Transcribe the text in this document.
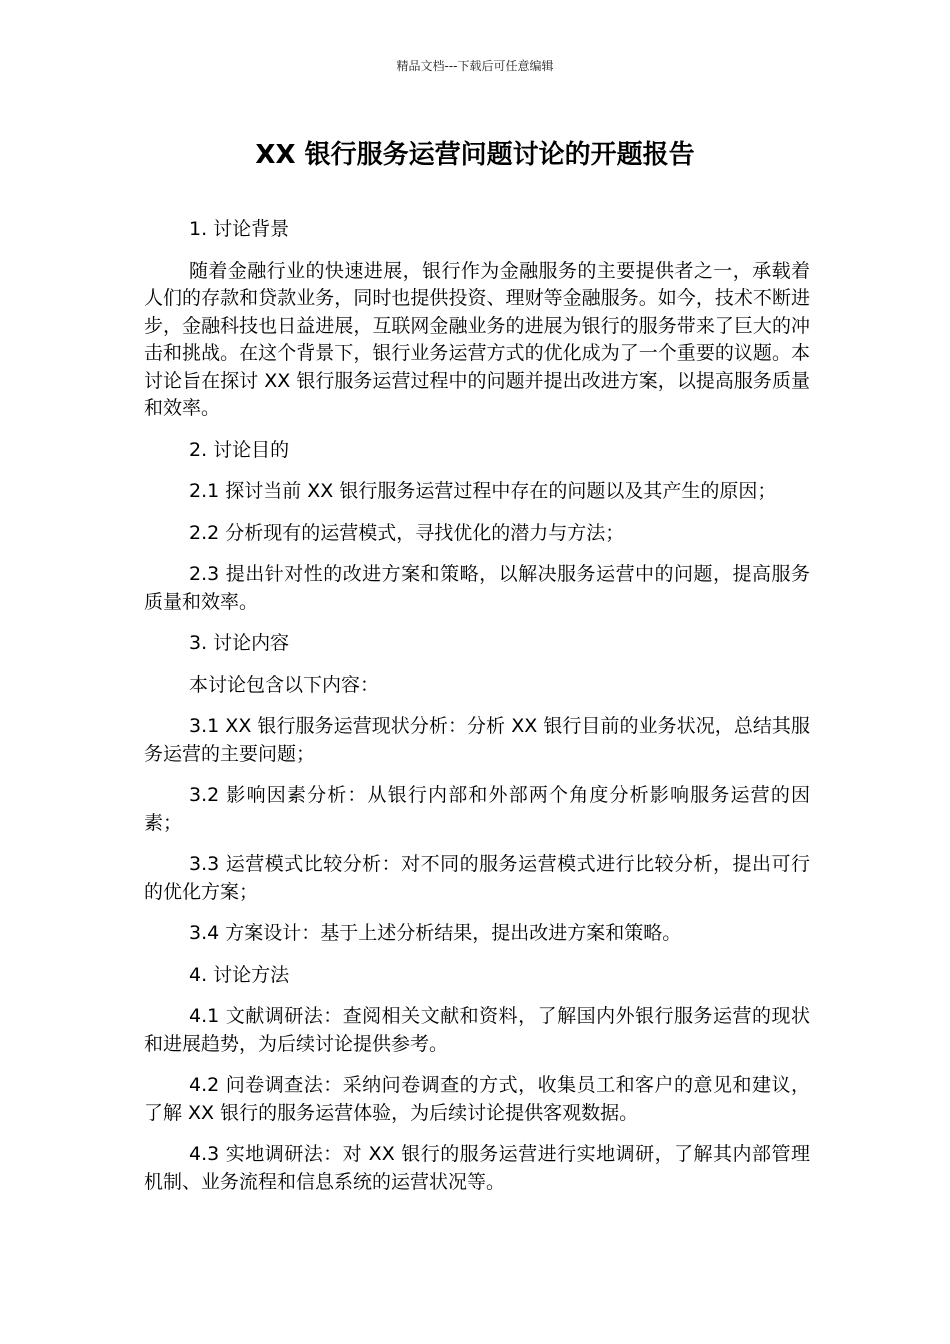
精品文档---下载后可任意编辑
XX 银行服务运营问题讨论的开题报告

1. 讨论背景

随着金融行业的快速进展，银行作为金融服务的主要提供者之一，承载着人们的存款和贷款业务，同时也提供投资、理财等金融服务。如今，技术不断进步，金融科技也日益进展，互联网金融业务的进展为银行的服务带来了巨大的冲击和挑战。在这个背景下，银行业务运营方式的优化成为了一个重要的议题。本讨论旨在探讨 XX 银行服务运营过程中的问题并提出改进方案，以提高服务质量和效率。

2. 讨论目的

2.1 探讨当前 XX 银行服务运营过程中存在的问题以及其产生的原因；

2.2 分析现有的运营模式，寻找优化的潜力与方法；

2.3 提出针对性的改进方案和策略，以解决服务运营中的问题，提高服务质量和效率。

3. 讨论内容

本讨论包含以下内容：

3.1 XX 银行服务运营现状分析：分析 XX 银行目前的业务状况，总结其服务运营的主要问题；

3.2 影响因素分析：从银行内部和外部两个角度分析影响服务运营的因素；

3.3 运营模式比较分析：对不同的服务运营模式进行比较分析，提出可行的优化方案；

3.4 方案设计：基于上述分析结果，提出改进方案和策略。

4. 讨论方法

4.1 文献调研法：查阅相关文献和资料，了解国内外银行服务运营的现状和进展趋势，为后续讨论提供参考。

4.2 问卷调查法：采纳问卷调查的方式，收集员工和客户的意见和建议，了解 XX 银行的服务运营体验，为后续讨论提供客观数据。

4.3 实地调研法：对 XX 银行的服务运营进行实地调研，了解其内部管理机制、业务流程和信息系统的运营状况等。
